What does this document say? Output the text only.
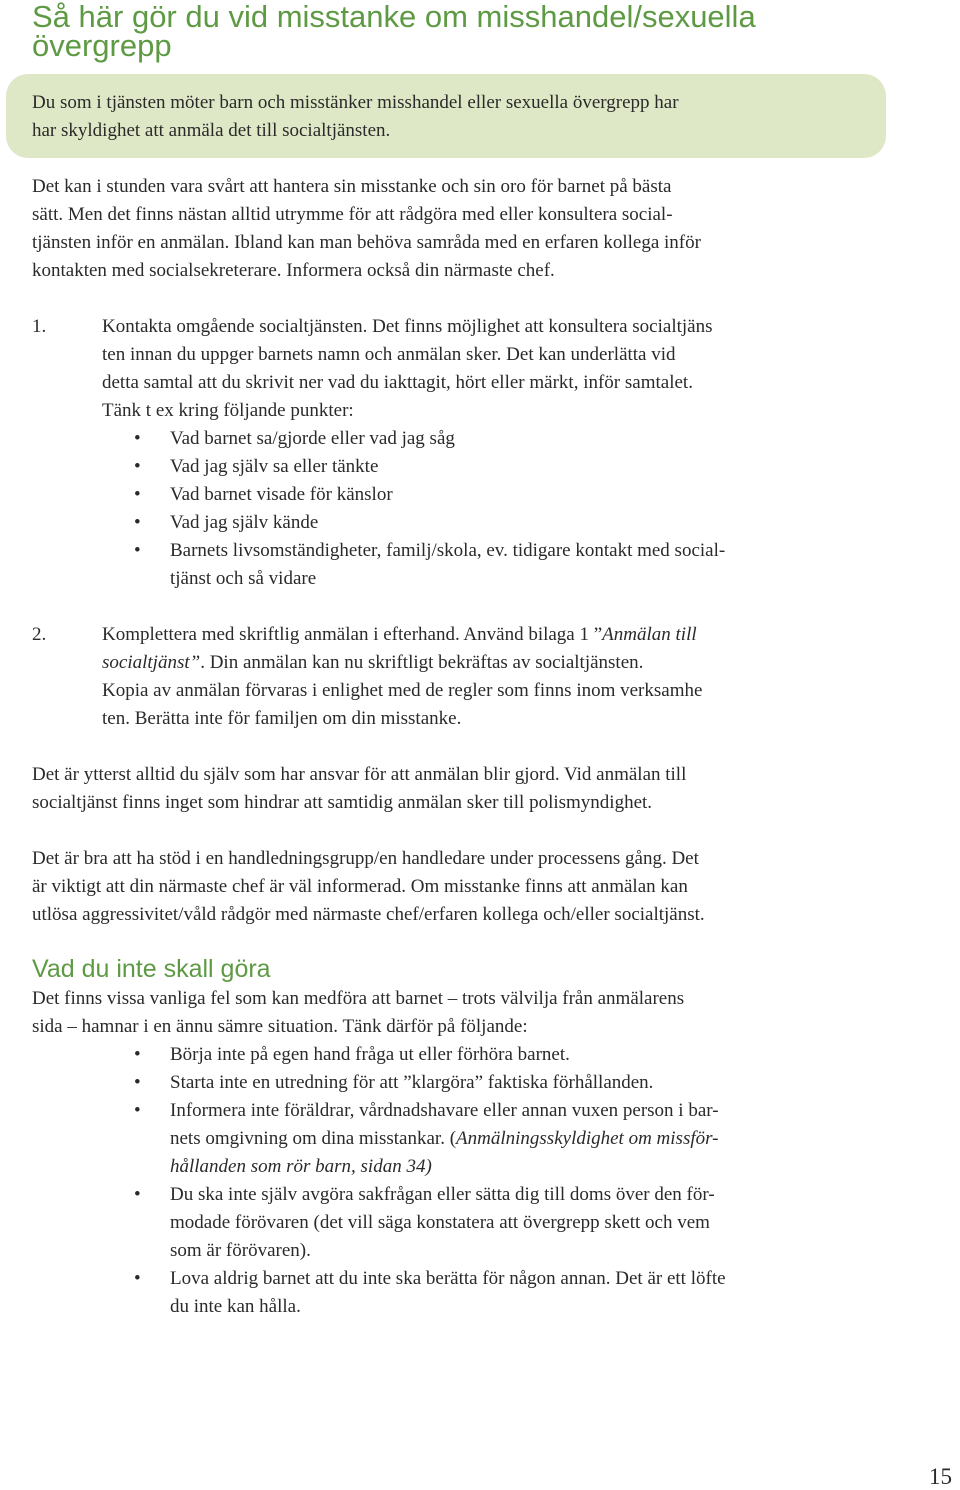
Så här gör du vid misstanke om misshandel/sexuella
övergrepp
Du som i tjänsten möter barn och misstänker misshandel eller sexuella övergrepp har
har skyldighet att anmäla det till socialtjänsten.
Det kan i stunden vara svårt att hantera sin misstanke och sin oro för barnet på bästa
sätt. Men det finns nästan alltid utrymme för att rådgöra med eller konsultera social-
tjänsten inför en anmälan. Ibland kan man behöva samråda med en erfaren kollega inför
kontakten med socialsekreterare. Informera också din närmaste chef.
1.	Kontakta omgående socialtjänsten. Det finns möjlighet att konsultera socialtjäns
ten innan du uppger barnets namn och anmälan sker. Det kan underlätta vid
detta samtal att du skrivit ner vad du iakttagit, hört eller märkt, inför samtalet.
Tänk t ex kring följande punkter:
• Vad barnet sa/gjorde eller vad jag såg
• Vad jag själv sa eller tänkte
• Vad barnet visade för känslor
• Vad jag själv kände
• Barnets livsomständigheter, familj/skola, ev. tidigare kontakt med social-
tjänst och så vidare
2.	Komplettera med skriftlig anmälan i efterhand. Använd bilaga 1 ”Anmälan till
socialtjänst”. Din anmälan kan nu skriftligt bekräftas av socialtjänsten.
Kopia av anmälan förvaras i enlighet med de regler som finns inom verksamhe
ten. Berätta inte för familjen om din misstanke.
Det är ytterst alltid du själv som har ansvar för att anmälan blir gjord. Vid anmälan till
socialtjänst finns inget som hindrar att samtidig anmälan sker till polismyndighet.
Det är bra att ha stöd i en handledningsgrupp/en handledare under processens gång. Det
är viktigt att din närmaste chef är väl informerad. Om misstanke finns att anmälan kan
utlösa aggressivitet/våld rådgör med närmaste chef/erfaren kollega och/eller socialtjänst.
Vad du inte skall göra
Det finns vissa vanliga fel som kan medföra att barnet – trots välvilja från anmälarens
sida – hamnar i en ännu sämre situation. Tänk därför på följande:
• Börja inte på egen hand fråga ut eller förhöra barnet.
• Starta inte en utredning för att ”klargöra” faktiska förhållanden.
• Informera inte föräldrar, vårdnadshavare eller annan vuxen person i bar-
nets omgivning om dina misstankar. (Anmälningsskyldighet om missför-
hållanden som rör barn, sidan 34)
• Du ska inte själv avgöra sakfrågan eller sätta dig till doms över den för-
modade förövaren (det vill säga konstatera att övergrepp skett och vem
som är förövaren).
• Lova aldrig barnet att du inte ska berätta för någon annan. Det är ett löfte
du inte kan hålla.
15
